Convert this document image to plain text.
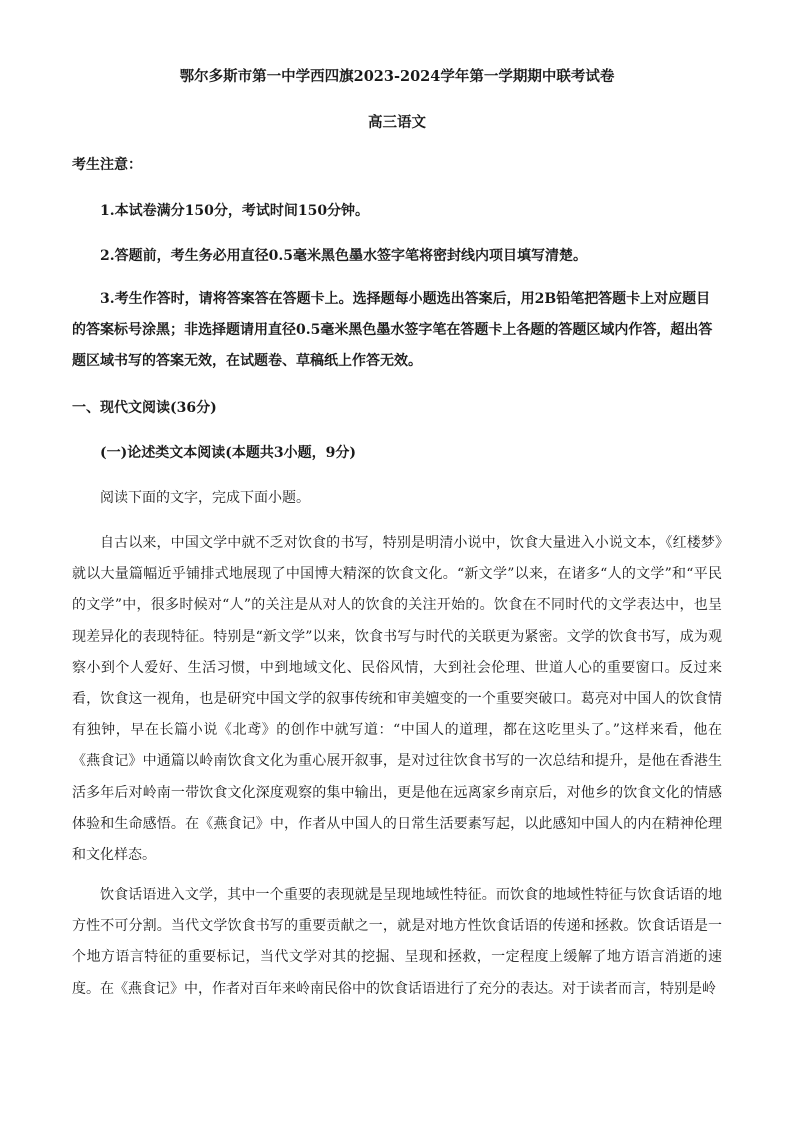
鄂尔多斯市第一中学西四旗2023-2024学年第一学期期中联考试卷
高三语文
考生注意：
1.本试卷满分150分，考试时间150分钟。
2.答题前，考生务必用直径0.5毫米黑色墨水签字笔将密封线内项目填写清楚。
3.考生作答时，请将答案答在答题卡上。选择题每小题选出答案后，用2B铅笔把答题卡上对应题目的答案标号涂黑；非选择题请用直径0.5毫米黑色墨水签字笔在答题卡上各题的答题区域内作答，超出答题区域书写的答案无效，在试题卷、草稿纸上作答无效。
一、现代文阅读(36分)
(一)论述类文本阅读(本题共3小题，9分)
阅读下面的文字，完成下面小题。
自古以来，中国文学中就不乏对饮食的书写，特别是明清小说中，饮食大量进入小说文本，《红楼梦》就以大量篇幅近乎铺排式地展现了中国博大精深的饮食文化。“新文学”以来，在诸多“人的文学”和“平民的文学”中，很多时候对“人”的关注是从对人的饮食的关注开始的。饮食在不同时代的文学表达中，也呈现差异化的表现特征。特别是“新文学”以来，饮食书写与时代的关联更为紧密。文学的饮食书写，成为观察小到个人爱好、生活习惯，中到地域文化、民俗风情，大到社会伦理、世道人心的重要窗口。反过来看，饮食这一视角，也是研究中国文学的叙事传统和审美嬗变的一个重要突破口。葛亮对中国人的饮食情有独钟，早在长篇小说《北鸢》的创作中就写道：“中国人的道理，都在这吃里头了。”这样来看，他在《燕食记》中通篇以岭南饮食文化为重心展开叙事，是对过往饮食书写的一次总结和提升，是他在香港生活多年后对岭南一带饮食文化深度观察的集中输出，更是他在远离家乡南京后，对他乡的饮食文化的情感体验和生命感悟。在《燕食记》中，作者从中国人的日常生活要素写起，以此感知中国人的内在精神伦理和文化样态。
饮食话语进入文学，其中一个重要的表现就是呈现地域性特征。而饮食的地域性特征与饮食话语的地方性不可分割。当代文学饮食书写的重要贡献之一，就是对地方性饮食话语的传递和拯救。饮食话语是一个地方语言特征的重要标记，当代文学对其的挖掘、呈现和拯救，一定程度上缓解了地方语言消逝的速度。在《燕食记》中，作者对百年来岭南民俗中的饮食话语进行了充分的表达。对于读者而言，特别是岭
